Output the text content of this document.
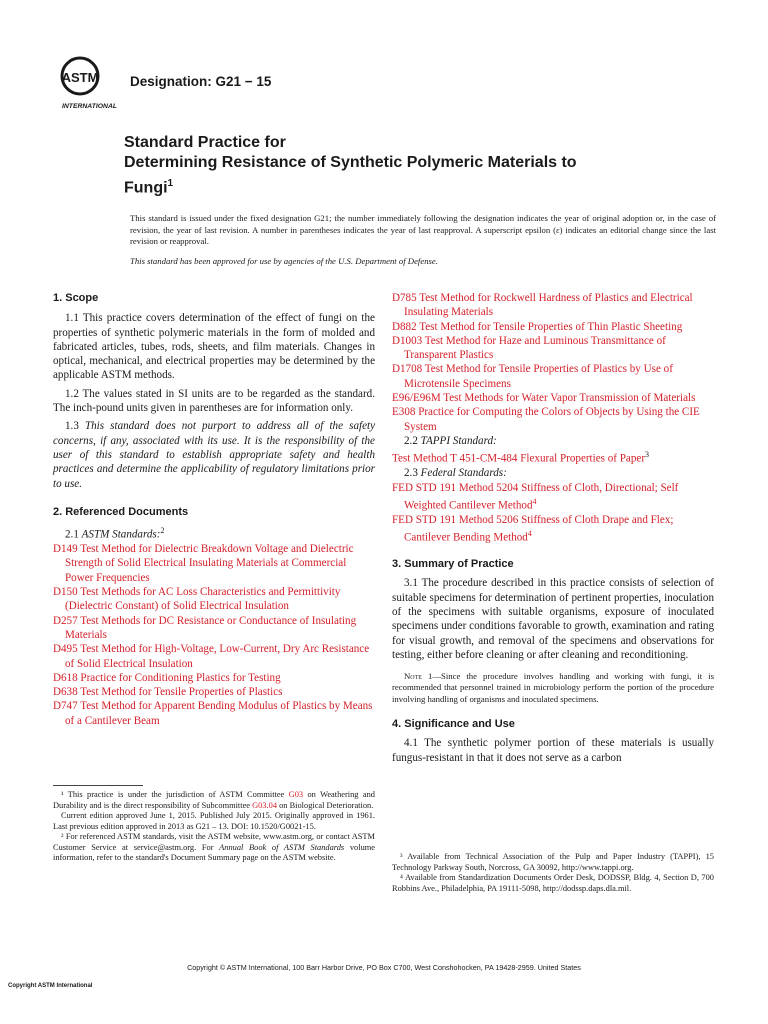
ASTM
INTERNATIONAL
Designation: G21 − 15
Standard Practice for
Determining Resistance of Synthetic Polymeric Materials to
Fungi$^1$
This standard is issued under the fixed designation G21; the number immediately following the designation indicates the year of original adoption or, in the case of revision, the year of last revision. A number in parentheses indicates the year of last reapproval. A superscript epsilon (ε) indicates an editorial change since the last revision or reapproval.
This standard has been approved for use by agencies of the U.S. Department of Defense.
1. Scope
1.1 This practice covers determination of the effect of fungi on the properties of synthetic polymeric materials in the form of molded and fabricated articles, tubes, rods, sheets, and film materials. Changes in optical, mechanical, and electrical properties may be determined by the applicable ASTM methods.
1.2 The values stated in SI units are to be regarded as the standard. The inch-pound units given in parentheses are for information only.
1.3 This standard does not purport to address all of the safety concerns, if any, associated with its use. It is the responsibility of the user of this standard to establish appropriate safety and health practices and determine the applicability of regulatory limitations prior to use.
2. Referenced Documents
2.1 ASTM Standards:$^2$
D149 Test Method for Dielectric Breakdown Voltage and Dielectric Strength of Solid Electrical Insulating Materials at Commercial Power Frequencies
D150 Test Methods for AC Loss Characteristics and Permittivity (Dielectric Constant) of Solid Electrical Insulation
D257 Test Methods for DC Resistance or Conductance of Insulating Materials
D495 Test Method for High-Voltage, Low-Current, Dry Arc Resistance of Solid Electrical Insulation
D618 Practice for Conditioning Plastics for Testing
D638 Test Method for Tensile Properties of Plastics
D747 Test Method for Apparent Bending Modulus of Plastics by Means of a Cantilever Beam
¹ This practice is under the jurisdiction of ASTM Committee G03 on Weathering and Durability and is the direct responsibility of Subcommittee G03.04 on Biological Deterioration.
Current edition approved June 1, 2015. Published July 2015. Originally approved in 1961. Last previous edition approved in 2013 as G21 – 13. DOI: 10.1520/G0021-15.
² For referenced ASTM standards, visit the ASTM website, www.astm.org, or contact ASTM Customer Service at service@astm.org. For Annual Book of ASTM Standards volume information, refer to the standard's Document Summary page on the ASTM website.
D785 Test Method for Rockwell Hardness of Plastics and Electrical Insulating Materials
D882 Test Method for Tensile Properties of Thin Plastic Sheeting
D1003 Test Method for Haze and Luminous Transmittance of Transparent Plastics
D1708 Test Method for Tensile Properties of Plastics by Use of Microtensile Specimens
E96/E96M Test Methods for Water Vapor Transmission of Materials
E308 Practice for Computing the Colors of Objects by Using the CIE System
2.2 TAPPI Standard:
Test Method T 451-CM-484 Flexural Properties of Paper$^3$
2.3 Federal Standards:
FED STD 191 Method 5204 Stiffness of Cloth, Directional; Self Weighted Cantilever Method$^4$
FED STD 191 Method 5206 Stiffness of Cloth Drape and Flex; Cantilever Bending Method$^4$
3. Summary of Practice
3.1 The procedure described in this practice consists of selection of suitable specimens for determination of pertinent properties, inoculation of the specimens with suitable organisms, exposure of inoculated specimens under conditions favorable to growth, examination and rating for visual growth, and removal of the specimens and observations for testing, either before cleaning or after cleaning and reconditioning.
Note 1—Since the procedure involves handling and working with fungi, it is recommended that personnel trained in microbiology perform the portion of the procedure involving handling of organisms and inoculated specimens.
4. Significance and Use
4.1 The synthetic polymer portion of these materials is usually fungus-resistant in that it does not serve as a carbon
³ Available from Technical Association of the Pulp and Paper Industry (TAPPI), 15 Technology Parkway South, Norcross, GA 30092, http://www.tappi.org.
⁴ Available from Standardization Documents Order Desk, DODSSP, Bldg. 4, Section D, 700 Robbins Ave., Philadelphia, PA 19111-5098, http://dodssp.daps.dla.mil.
Copyright © ASTM International, 100 Barr Harbor Drive, PO Box C700, West Conshohocken, PA 19428-2959. United States
Copyright ASTM International
